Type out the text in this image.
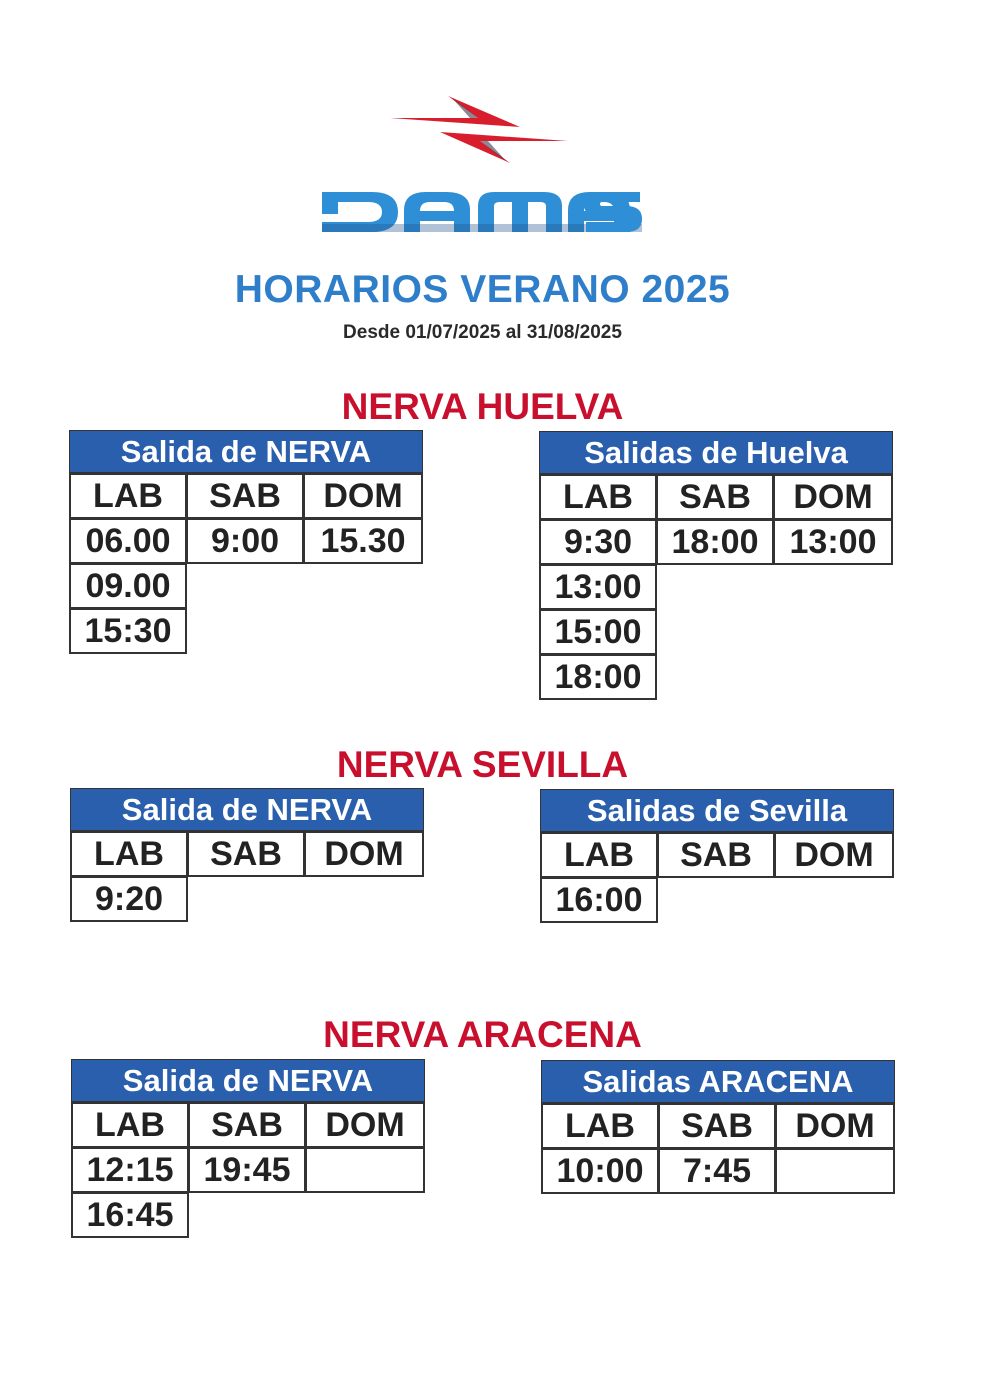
HORARIOS VERANO 2025
Desde 01/07/2025 al 31/08/2025
NERVA HUELVA
Salida de NERVA
LAB	SAB	DOM
06.00	9:00	15.30
09.00
15:30
Salidas de Huelva
LAB	SAB	DOM
9:30	18:00 13:00
13:00
15:00
18:00
NERVA SEVILLA
Salida de NERVA
LAB	SAB	DOM
9:20
Salidas de Sevilla
LAB	SAB	DOM
16:00
NERVA ARACENA
Salida de NERVA
LAB	SAB	DOM
12:15 19:45
16:45
Salidas ARACENA
LAB	SAB	DOM
10:00	7:45
